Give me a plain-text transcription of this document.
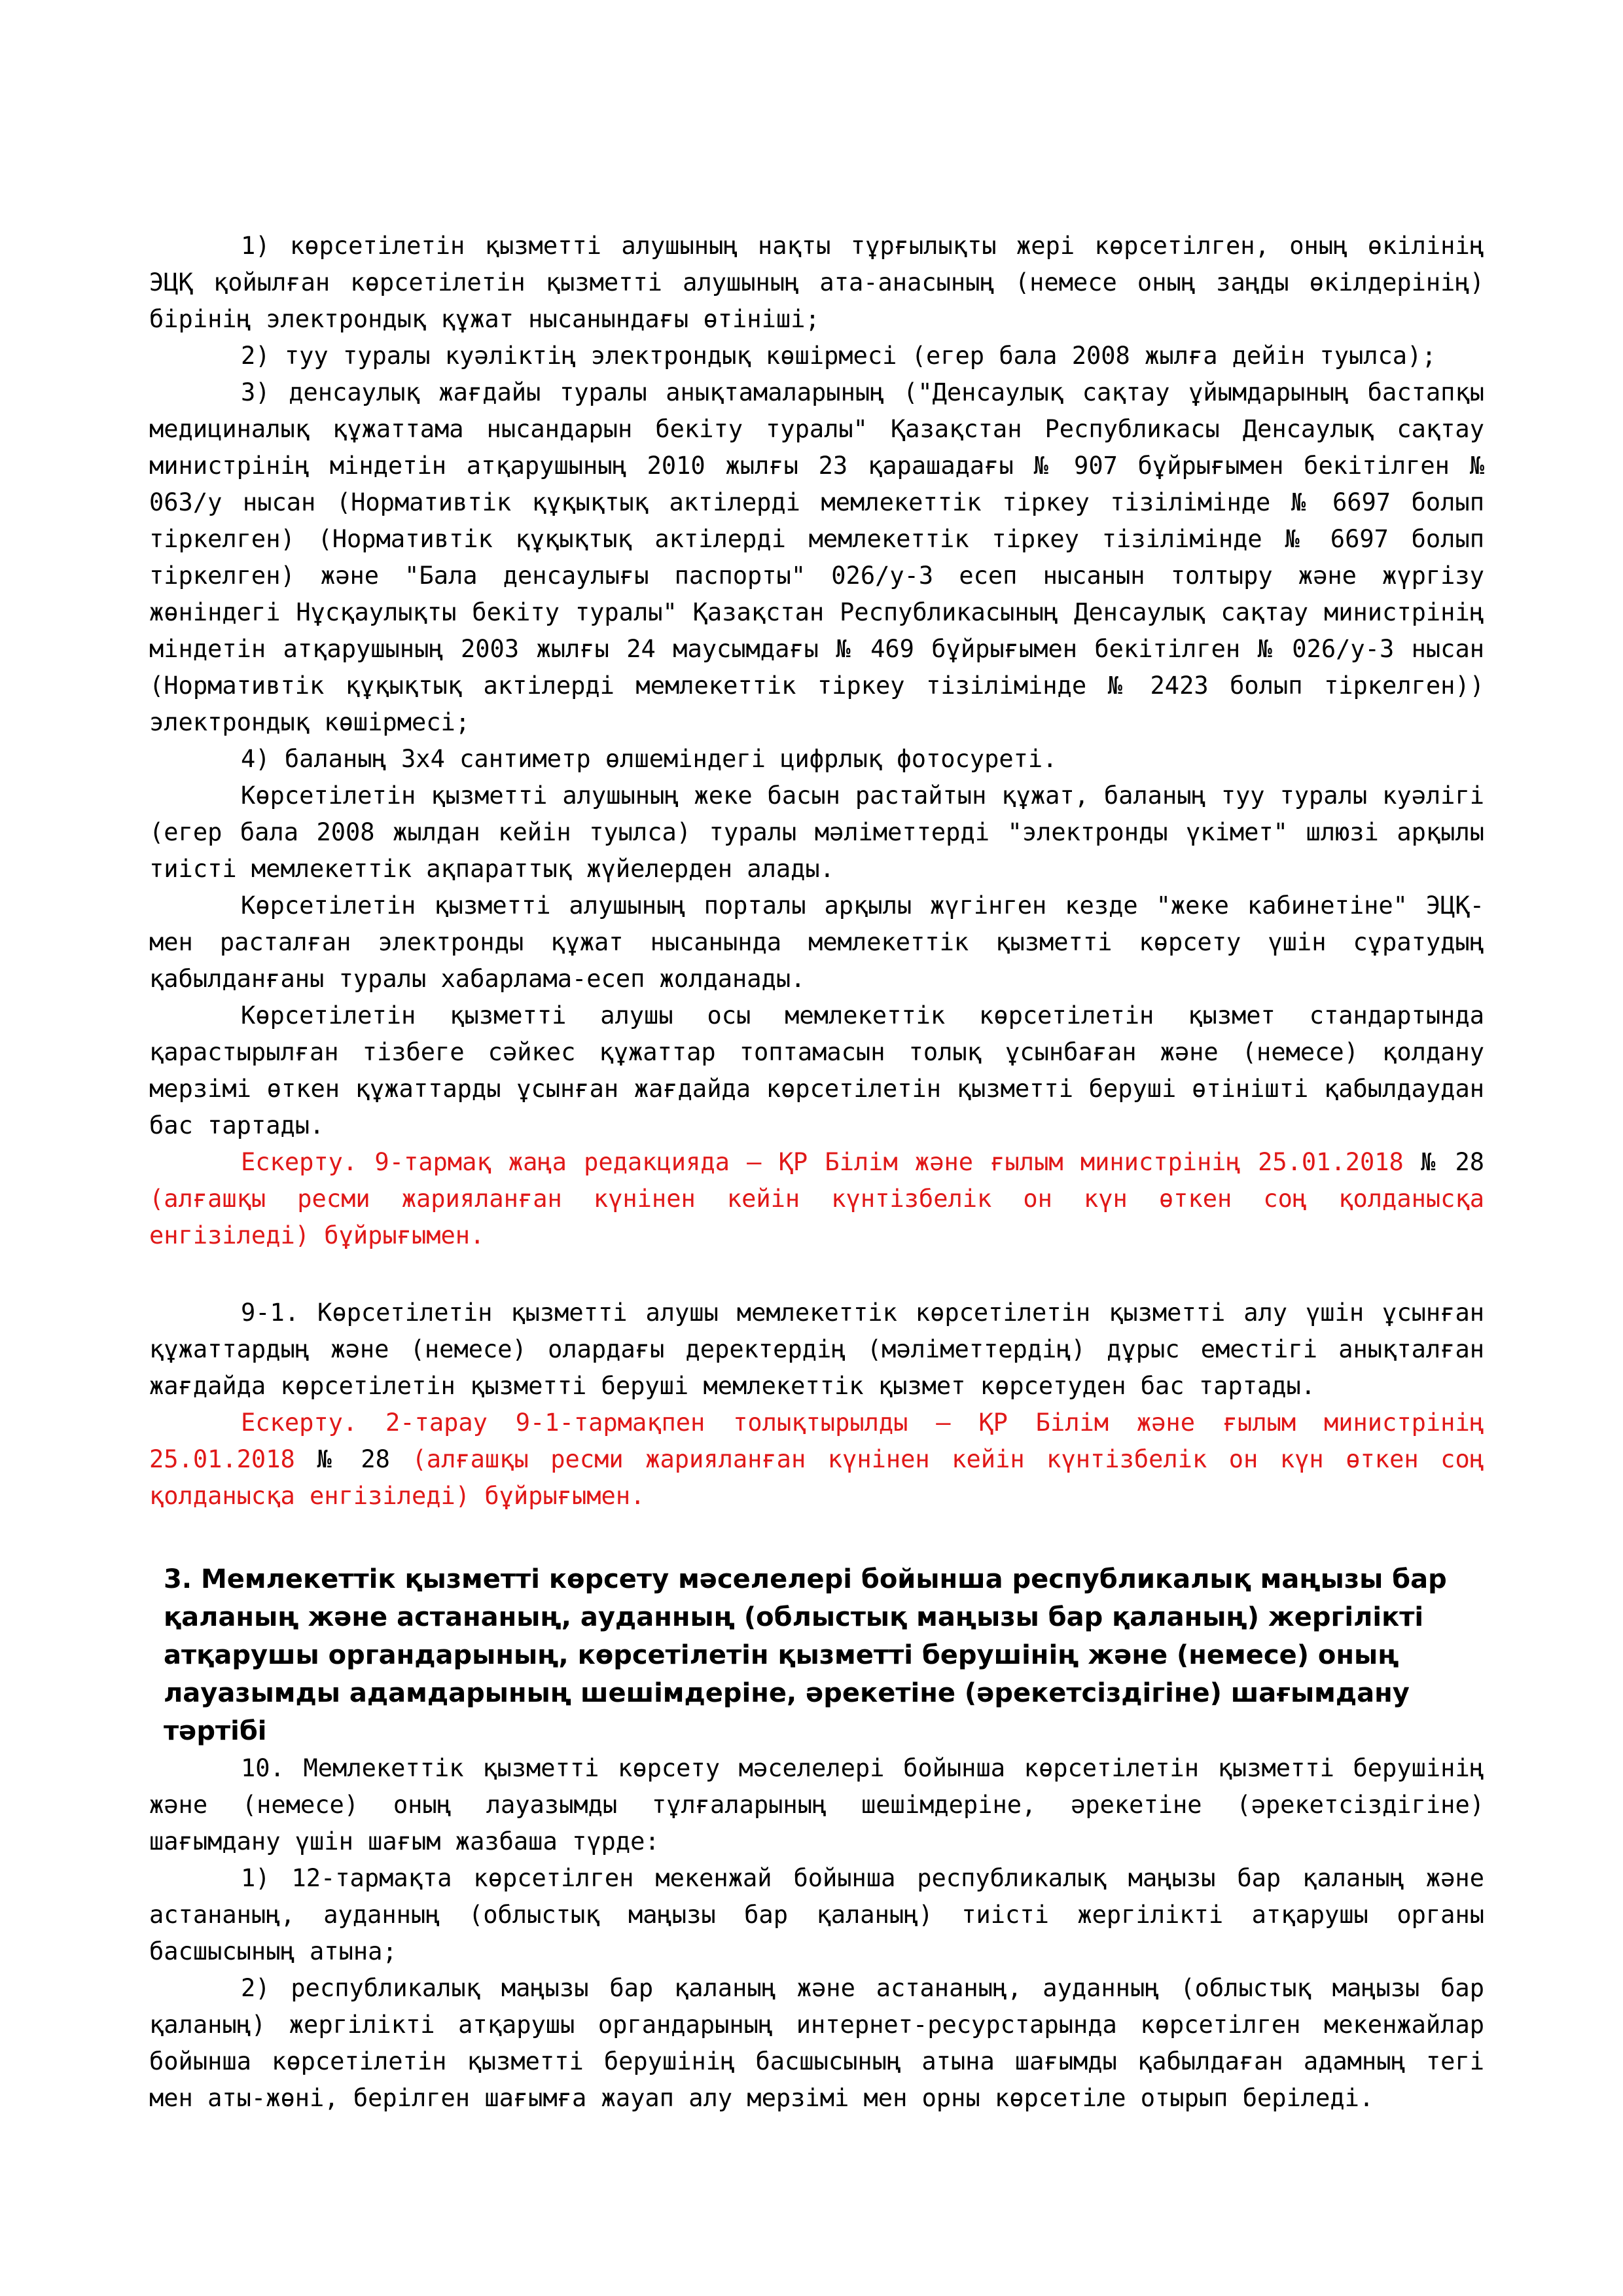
1) көрсетілетін қызметті алушының нақты тұрғылықты жері көрсетілген, оның өкілінің ЭЦҚ қойылған көрсетілетін қызметті алушының ата-анасының (немесе оның заңды өкілдерінің) бірінің электрондық құжат нысанындағы өтініші;

2) туу туралы куәліктің электрондық көшірмесі (егер бала 2008 жылға дейін туылса);

3) денсаулық жағдайы туралы анықтамаларының ("Денсаулық сақтау ұйымдарының бастапқы медициналық құжаттама нысандарын бекіту туралы" Қазақстан Республикасы Денсаулық сақтау министрінің міндетін атқарушының 2010 жылғы 23 қарашадағы № 907 бұйрығымен бекітілген № 063/у нысан (Нормативтік құқықтық актілерді мемлекеттік тіркеу тізілімінде № 6697 болып тіркелген) (Нормативтік құқықтық актілерді мемлекеттік тіркеу тізілімінде № 6697 болып тіркелген) және "Бала денсаулығы паспорты" 026/у-3 есеп нысанын толтыру және жүргізу жөніндегі Нұсқаулықты бекіту туралы" Қазақстан Республикасының Денсаулық сақтау министрінің міндетін атқарушының 2003 жылғы 24 маусымдағы № 469 бұйрығымен бекітілген № 026/у-3 нысан (Нормативтік құқықтық актілерді мемлекеттік тіркеу тізілімінде № 2423 болып тіркелген)) электрондық көшірмесі;

4) баланың 3х4 сантиметр өлшеміндегі цифрлық фотосуреті.

Көрсетілетін қызметті алушының жеке басын растайтын құжат, баланың туу туралы куәлігі (егер бала 2008 жылдан кейін туылса) туралы мәліметтерді "электронды үкімет" шлюзі арқылы тиісті мемлекеттік ақпараттық жүйелерден алады.

Көрсетілетін қызметті алушының порталы арқылы жүгінген кезде "жеке кабинетіне" ЭЦҚ-мен расталған электронды құжат нысанында мемлекеттік қызметті көрсету үшін сұратудың қабылданғаны туралы хабарлама-есеп жолданады.

Көрсетілетін қызметті алушы осы мемлекеттік көрсетілетін қызмет стандартында қарастырылған тізбеге сәйкес құжаттар топтамасын толық ұсынбаған және (немесе) қолдану мерзімі өткен құжаттарды ұсынған жағдайда көрсетілетін қызметті беруші өтінішті қабылдаудан бас тартады.

Ескерту. 9-тармақ жаңа редакцияда – ҚР Білім және ғылым министрінің 25.01.2018 № 28 (алғашқы ресми жарияланған күнінен кейін күнтізбелік он күн өткен соң қолданысқа енгізіледі) бұйрығымен.

9-1. Көрсетілетін қызметті алушы мемлекеттік көрсетілетін қызметті алу үшін ұсынған құжаттардың және (немесе) олардағы деректердің (мәліметтердің) дұрыс еместігі анықталған жағдайда көрсетілетін қызметті беруші мемлекеттік қызмет көрсетуден бас тартады.

Ескерту. 2-тарау 9-1-тармақпен толықтырылды – ҚР Білім және ғылым министрінің 25.01.2018 № 28 (алғашқы ресми жарияланған күнінен кейін күнтізбелік он күн өткен соң қолданысқа енгізіледі) бұйрығымен.

3. Мемлекеттік қызметті көрсету мәселелері бойынша республикалық маңызы бар қаланың және астананың, ауданның (облыстық маңызы бар қаланың) жергілікті атқарушы органдарының, көрсетілетін қызметті берушінің және (немесе) оның лауазымды адамдарының шешімдеріне, әрекетіне (әрекетсіздігіне) шағымдану тәртібі

10. Мемлекеттік қызметті көрсету мәселелері бойынша көрсетілетін қызметті берушінің және (немесе) оның лауазымды тұлғаларының шешімдеріне, әрекетіне (әрекетсіздігіне) шағымдану үшін шағым жазбаша түрде:

1) 12-тармақта көрсетілген мекенжай бойынша республикалық маңызы бар қаланың және астананың, ауданның (облыстық маңызы бар қаланың) тиісті жергілікті атқарушы органы басшысының атына;

2) республикалық маңызы бар қаланың және астананың, ауданның (облыстық маңызы бар қаланың) жергілікті атқарушы органдарының интернет-ресурстарында көрсетілген мекенжайлар бойынша көрсетілетін қызметті берушінің басшысының атына шағымды қабылдаған адамның тегі мен аты-жөні, берілген шағымға жауап алу мерзімі мен орны көрсетіле отырып беріледі.
